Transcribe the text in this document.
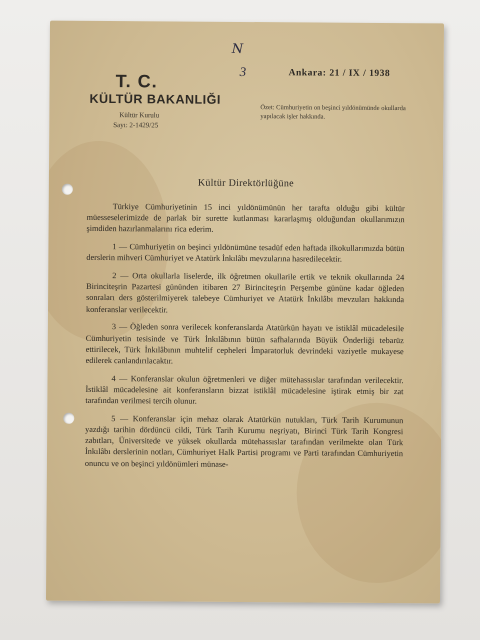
T. C.
KÜLTÜR BAKANLIĞI
Kültür Kurulu
Sayı: 2-1429/25
N
3	Ankara: 21 / IX / 1938
Özet: Cümhuriyetin on beşinci yıldönümünde okullarda yapılacak işler hakkında.
Kültür Direktörlüğüne

Türkiye Cümhuriyetinin 15 inci yıldönümünün her tarafta olduğu gibi kültür müesseselerimizde de parlak bir surette kutlanması kararlaşmış olduğundan okullarımızın şimdiden hazırlanmalarını rica ederim.

1 — Cümhuriyetin on beşinci yıldönümüne tesadüf eden haftada ilkokullarımızda bütün derslerin mihveri Cümhuriyet ve Atatürk İnkılâbı mevzularına hasredilecektir.

2 — Orta okullarla liselerde, ilk öğretmen okullarile ertik ve teknik okullarında 24 Birinciteşrin Pazartesi gününden itibaren 27 Birinciteşrin Perşembe gününe kadar öğleden sonraları ders gösterilmiyerek talebeye Cümhuriyet ve Atatürk İnkılâbı mevzuları hakkında konferanslar verilecektir.

3 — Öğleden sonra verilecek konferanslarda Atatürkün hayatı ve istiklâl mücadelesile Cümhuriyetin tesisinde ve Türk İnkılâbının bütün safhalarında Büyük Önderliği tebarüz ettirilecek, Türk İnkılâbının muhtelif cepheleri İmparatorluk devrindeki vaziyetle mukayese edilerek canlandırılacaktır.

4 — Konferanslar okulun öğretmenleri ve diğer mütehassıslar tarafından verilecektir. İstiklâl mücadelesine ait konferansların bizzat istiklâl mücadelesine iştirak etmiş bir zat tarafından verilmesi tercih olunur.

5 — Konferanslar için mehaz olarak Atatürkün nutukları, Türk Tarih Kurumunun yazdığı tarihin dördüncü cildi, Türk Tarih Kurumu neşriyatı, Birinci Türk Tarih Kongresi zabıtları, Üniversitede ve yüksek okullarda mütehassıslar tarafından verilmekte olan Türk İnkılâbı derslerinin notları, Cümhuriyet Halk Partisi programı ve Parti tarafından Cümhuriyetin onuncu ve on beşinci yıldönümleri münase-
